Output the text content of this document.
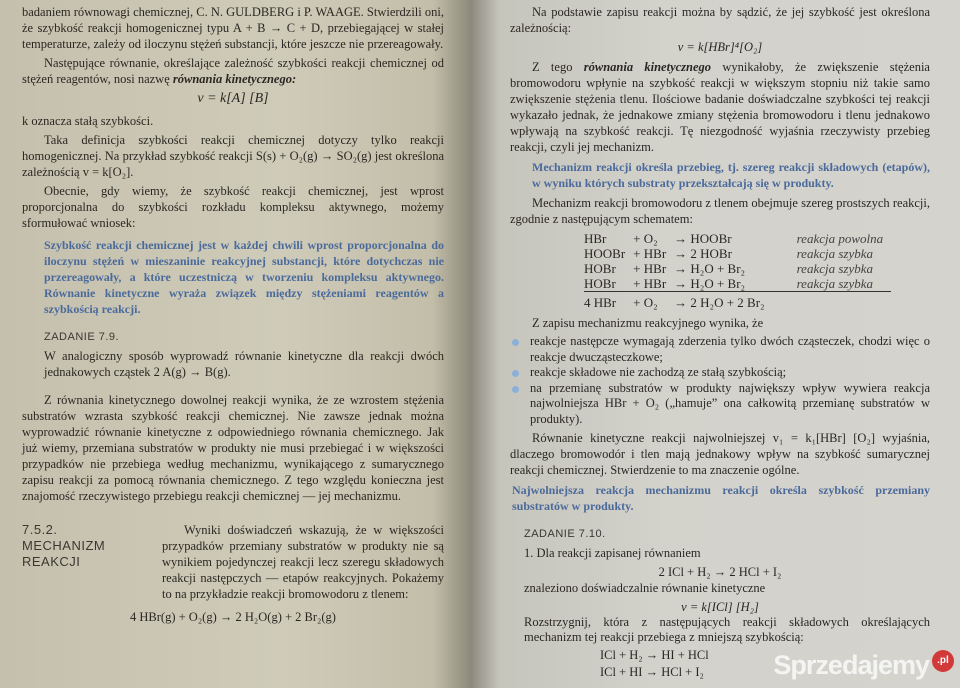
badaniem równowagi chemicznej, C. N. GULDBERG i P. WAAGE. Stwierdzili oni, że szybkość reakcji homogenicznej typu A + B → C + D, przebiegającej w stałej temperaturze, zależy od iloczynu stężeń substancji, które jeszcze nie przereagowały.
Następujące równanie, określające zależność szybkości reakcji chemicznej od stężeń reagentów, nosi nazwę równania kinetycznego:
v = k[A] [B]
k oznacza stałą szybkości.
Taka definicja szybkości reakcji chemicznej dotyczy tylko reakcji homogenicznej. Na przykład szybkość reakcji S(s) + O₂(g) → SO₂(g) jest określona zależnością v = k[O₂].
Obecnie, gdy wiemy, że szybkość reakcji chemicznej, jest wprost proporcjonalna do szybkości rozkładu kompleksu aktywnego, możemy sformułować wniosek:
Szybkość reakcji chemicznej jest w każdej chwili wprost proporcjonalna do iloczynu stężeń w mieszaninie reakcyjnej substancji, które dotychczas nie przereagowały, a które uczestniczą w tworzeniu kompleksu aktywnego. Równanie kinetyczne wyraża związek między stężeniami reagentów a szybkością reakcji.
ZADANIE 7.9.
W analogiczny sposób wyprowadź równanie kinetyczne dla reakcji dwóch jednakowych cząstek 2 A(g) → B(g).
Z równania kinetycznego dowolnej reakcji wynika, że ze wzrostem stężenia substratów wzrasta szybkość reakcji chemicznej. Nie zawsze jednak można wyprowadzić równanie kinetyczne z odpowiedniego równania chemicznego. Jak już wiemy, przemiana substratów w produkty nie musi przebiegać i w większości przypadków nie przebiega według mechanizmu, wynikającego z sumarycznego zapisu reakcji za pomocą równania chemicznego. Z tego względu konieczna jest znajomość rzeczywistego przebiegu reakcji chemicznej — jej mechanizmu.
7.5.2.
MECHANIZM
REAKCJI
Wyniki doświadczeń wskazują, że w większości przypadków przemiany substratów w produkty nie są wynikiem pojedynczej reakcji lecz szeregu składowych reakcji następczych — etapów reakcyjnych. Pokażemy to na przykładzie reakcji bromowodoru z tlenem:
4 HBr(g) + O₂(g) → 2 H₂O(g) + 2 Br₂(g)
Na podstawie zapisu reakcji można by sądzić, że jej szybkość jest określona zależnością:
v = k[HBr]⁴[O₂]
Z tego równania kinetycznego wynikałoby, że zwiększenie stężenia bromowodoru wpłynie na szybkość reakcji w większym stopniu niż takie samo zwiększenie stężenia tlenu. Ilościowe badanie doświadczalne szybkości tej reakcji wykazało jednak, że jednakowe zmiany stężenia bromowodoru i tlenu jednakowo wpływają na szybkość reakcji. Tę niezgodność wyjaśnia rzeczywisty przebieg reakcji, czyli jej mechanizm.
Mechanizm reakcji określa przebieg, tj. szereg reakcji składowych (etapów), w wyniku których substraty przekształcają się w produkty.
Mechanizm reakcji bromowodoru z tlenem obejmuje szereg prostszych reakcji, zgodnie z następującym schematem:
HBr	+ O₂	→ HOOBr	reakcja powolna
HOOBr	+ HBr	→ 2 HOBr	reakcja szybka
HOBr	+ HBr	→ H₂O + Br₂	reakcja szybka
HOBr	+ HBr	→ H₂O + Br₂	reakcja szybka
4 HBr	+ O₂	→ 2 H₂O + 2 Br₂	
Z zapisu mechanizmu reakcyjnego wynika, że
reakcje następcze wymagają zderzenia tylko dwóch cząsteczek, chodzi więc o reakcje dwucząsteczkowe;
reakcje składowe nie zachodzą ze stałą szybkością;
na przemianę substratów w produkty największy wpływ wywiera reakcja najwolniejsza HBr + O₂ („hamuje” ona całkowitą przemianę substratów w produkty).
Równanie kinetyczne reakcji najwolniejszej v₁ = k₁[HBr] [O₂] wyjaśnia, dlaczego bromowodór i tlen mają jednakowy wpływ na szybkość sumarycznej reakcji chemicznej. Stwierdzenie to ma znaczenie ogólne.
Najwolniejsza reakcja mechanizmu reakcji określa szybkość przemiany substratów w produkty.
ZADANIE 7.10.
1. Dla reakcji zapisanej równaniem
2 ICl + H₂ → 2 HCl + I₂
znaleziono doświadczalnie równanie kinetyczne
v = k[ICl] [H₂]
Rozstrzygnij, która z następujących reakcji składowych określających mechanizm tej reakcji przebiega z mniejszą szybkością:
ICl + H₂ → HI + HCl
ICl + HI → HCl + I₂	Sprzedajemy .pl
